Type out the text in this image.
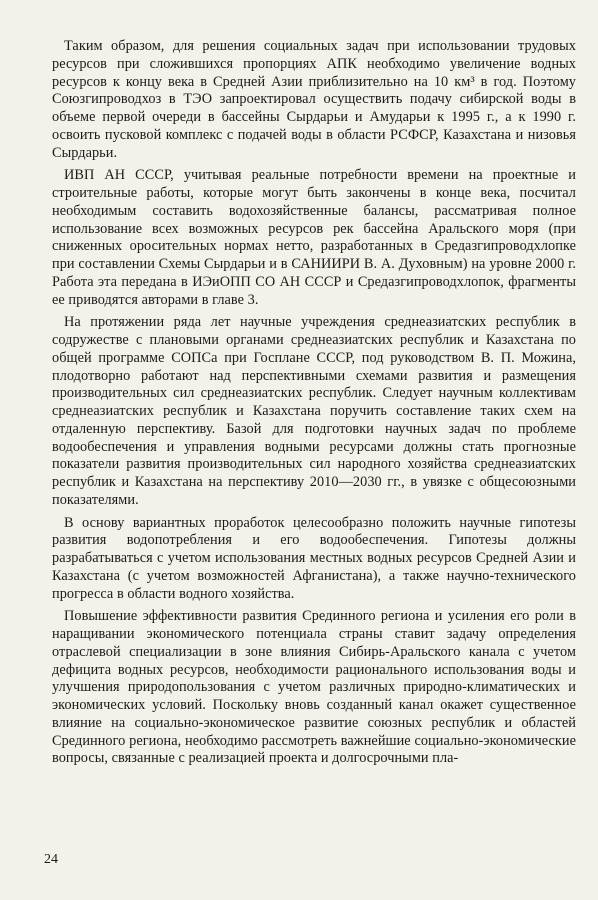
Таким образом, для решения социальных задач при использовании трудовых ресурсов при сложившихся пропорциях АПК необходимо увеличение водных ресурсов к концу века в Средней Азии приблизительно на 10 км³ в год. Поэтому Союзгипроводхоз в ТЭО запроектировал осуществить подачу сибирской воды в объеме первой очереди в бассейны Сырдарьи и Амударьи к 1995 г., а к 1990 г. освоить пусковой комплекс с подачей воды в области РСФСР, Казахстана и низовья Сырдарьи.

ИВП АН СССР, учитывая реальные потребности времени на проектные и строительные работы, которые могут быть закончены в конце века, посчитал необходимым составить водохозяйственные балансы, рассматривая полное использование всех возможных ресурсов рек бассейна Аральского моря (при сниженных оросительных нормах нетто, разработанных в Средазгипроводхлопке при составлении Схемы Сырдарьи и в САНИИРИ В. А. Духовным) на уровне 2000 г. Работа эта передана в ИЭиОПП СО АН СССР и Средазгипроводхлопок, фрагменты ее приводятся авторами в главе 3.

На протяжении ряда лет научные учреждения среднеазиатских республик в содружестве с плановыми органами среднеазиатских республик и Казахстана по общей программе СОПСа при Госплане СССР, под руководством В. П. Можина, плодотворно работают над перспективными схемами развития и размещения производительных сил среднеазиатских республик. Следует научным коллективам среднеазиатских республик и Казахстана поручить составление таких схем на отдаленную перспективу. Базой для подготовки научных задач по проблеме водообеспечения и управления водными ресурсами должны стать прогнозные показатели развития производительных сил народного хозяйства среднеазиатских республик и Казахстана на перспективу 2010—2030 гг., в увязке с общесоюзными показателями.

В основу вариантных проработок целесообразно положить научные гипотезы развития водопотребления и его водообеспечения. Гипотезы должны разрабатываться с учетом использования местных водных ресурсов Средней Азии и Казахстана (с учетом возможностей Афганистана), а также научно-технического прогресса в области водного хозяйства.

Повышение эффективности развития Срединного региона и усиления его роли в наращивании экономического потенциала страны ставит задачу определения отраслевой специализации в зоне влияния Сибирь-Аральского канала с учетом дефицита водных ресурсов, необходимости рационального использования воды и улучшения природопользования с учетом различных природно-климатических и экономических условий. Поскольку вновь созданный канал окажет существенное влияние на социально-экономическое развитие союзных республик и областей Срединного региона, необходимо рассмотреть важнейшие социально-экономические вопросы, связанные с реализацией проекта и долгосрочными пла-

24
